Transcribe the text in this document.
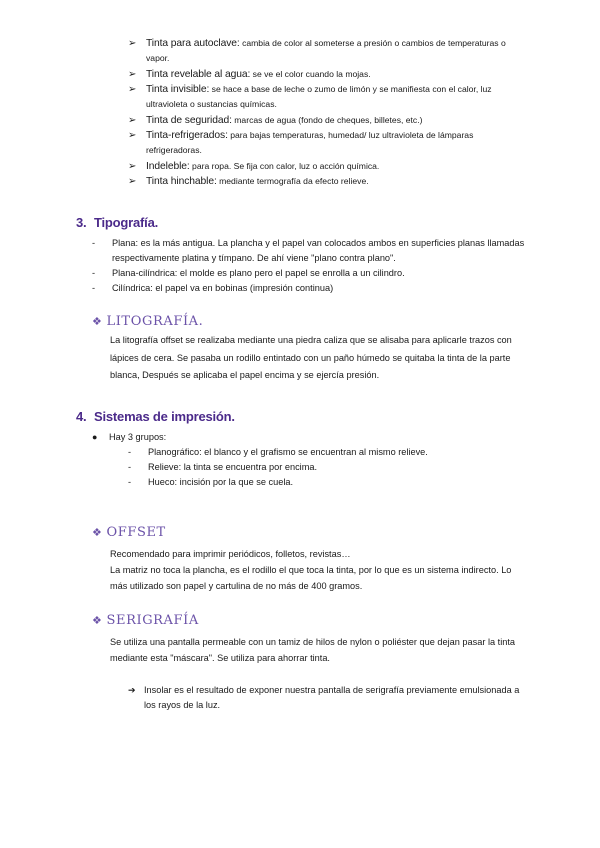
➢ Tinta para autoclave: cambia de color al someterse a presión o cambios de temperaturas o vapor.
➢ Tinta revelable al agua: se ve el color cuando la mojas.
➢ Tinta invisible: se hace a base de leche o zumo de limón y se manifiesta con el calor, luz ultravioleta o sustancias químicas.
➢ Tinta de seguridad: marcas de agua (fondo de cheques, billetes, etc.)
➢ Tinta-refrigerados: para bajas temperaturas, humedad/ luz ultravioleta de lámparas refrigeradoras.
➢ Indeleble: para ropa. Se fija con calor, luz o acción química.
➢ Tinta hinchable: mediante termografía da efecto relieve.
3. Tipografía.
- Plana: es la más antigua. La plancha y el papel van colocados ambos en superficies planas llamadas respectivamente platina y tímpano. De ahí viene "plano contra plano".
- Plana-cilíndrica: el molde es plano pero el papel se enrolla a un cilindro.
- Cilíndrica: el papel va en bobinas (impresión continua)
❖ LITOGRAFÍA.
La litografía offset se realizaba mediante una piedra caliza que se alisaba para aplicarle trazos con lápices de cera. Se pasaba un rodillo entintado con un paño húmedo se quitaba la tinta de la parte blanca, Después se aplicaba el papel encima y se ejercía presión.
4. Sistemas de impresión.
● Hay 3 grupos:
- Planográfico: el blanco y el grafismo se encuentran al mismo relieve.
- Relieve: la tinta se encuentra por encima.
- Hueco: incisión por la que se cuela.
❖ OFFSET
Recomendado para imprimir periódicos, folletos, revistas…
La matriz no toca la plancha, es el rodillo el que toca la tinta, por lo que es un sistema indirecto. Lo más utilizado son papel y cartulina de no más de 400 gramos.
❖ SERIGRAFÍA
Se utiliza una pantalla permeable con un tamiz de hilos de nylon o poliéster que dejan pasar la tinta mediante esta "máscara". Se utiliza para ahorrar tinta.
➔ Insolar es el resultado de exponer nuestra pantalla de serigrafía previamente emulsionada a los rayos de la luz.
